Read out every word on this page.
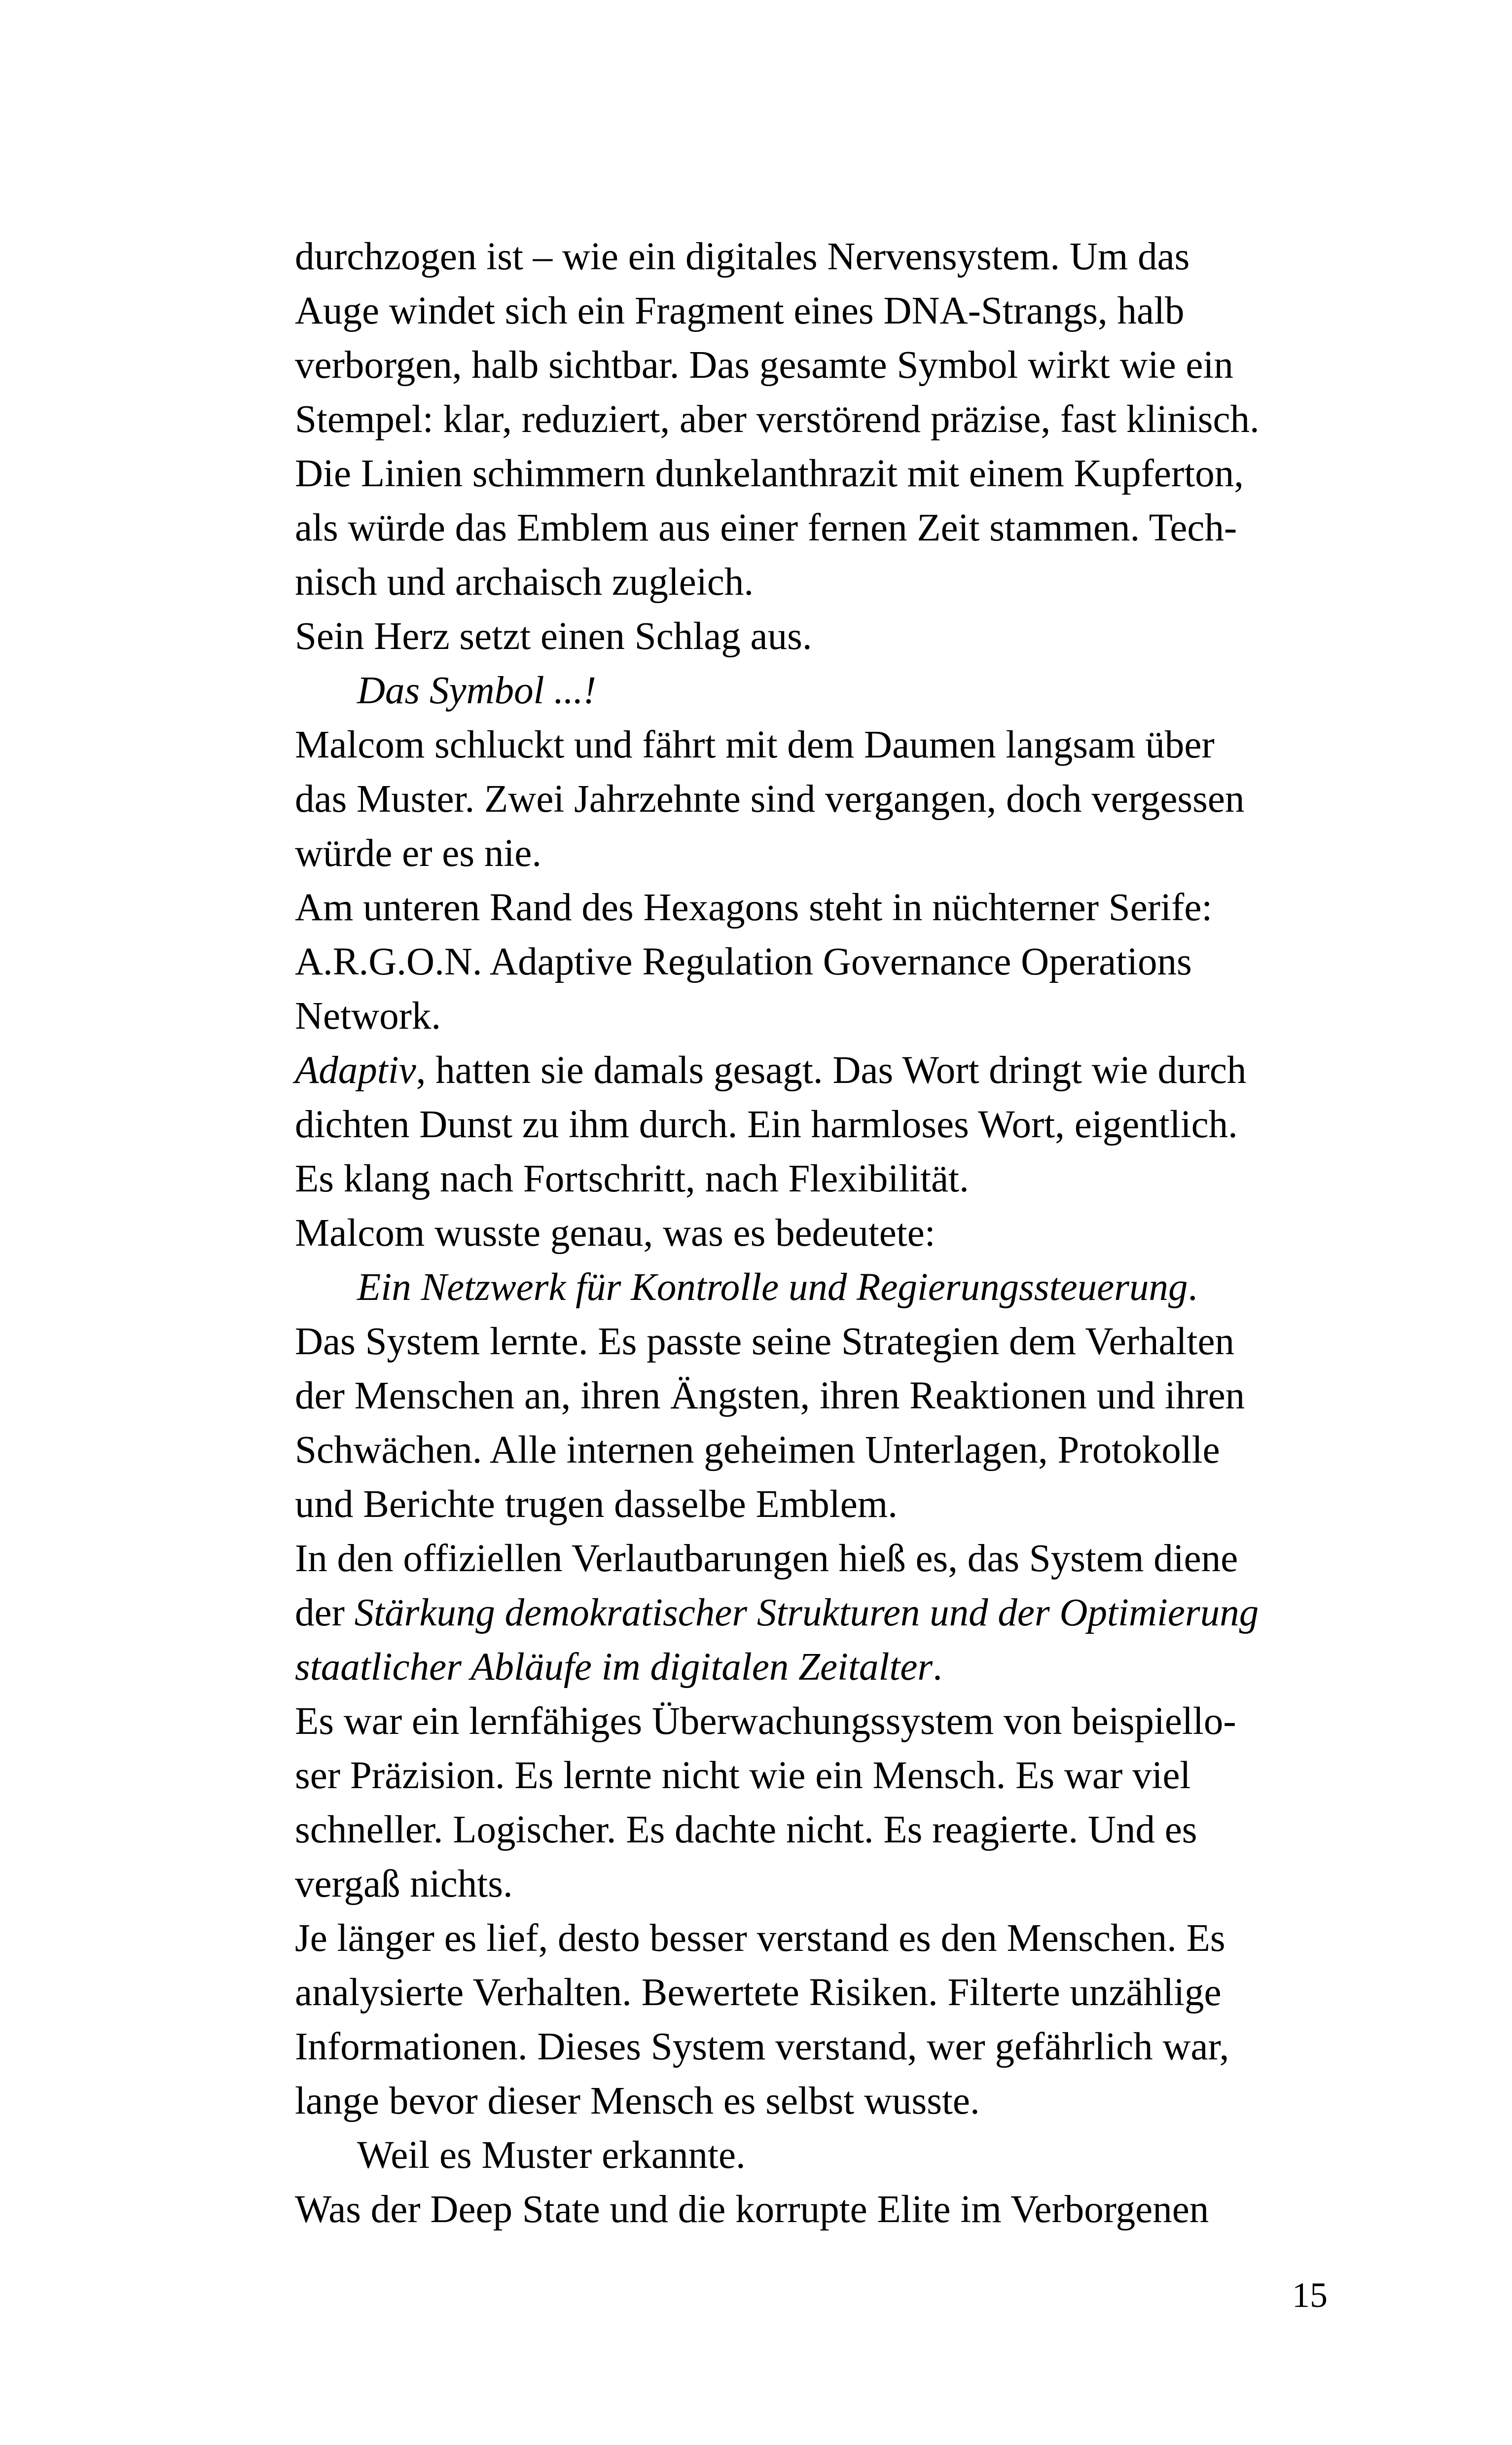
durchzogen ist – wie ein digitales Nervensystem. Um das
Auge windet sich ein Fragment eines DNA-Strangs, halb
verborgen, halb sichtbar. Das gesamte Symbol wirkt wie ein
Stempel: klar, reduziert, aber verstörend präzise, fast klinisch.
Die Linien schimmern dunkelanthrazit mit einem Kupferton,
als würde das Emblem aus einer fernen Zeit stammen. Tech-
nisch und archaisch zugleich.
Sein Herz setzt einen Schlag aus.
Das Symbol ...!
Malcom schluckt und fährt mit dem Daumen langsam über
das Muster. Zwei Jahrzehnte sind vergangen, doch vergessen
würde er es nie.
Am unteren Rand des Hexagons steht in nüchterner Serife:
A.R.G.O.N. Adaptive Regulation Governance Operations
Network.
Adaptiv, hatten sie damals gesagt. Das Wort dringt wie durch
dichten Dunst zu ihm durch. Ein harmloses Wort, eigentlich.
Es klang nach Fortschritt, nach Flexibilität.
Malcom wusste genau, was es bedeutete:
Ein Netzwerk für Kontrolle und Regierungssteuerung.
Das System lernte. Es passte seine Strategien dem Verhalten
der Menschen an, ihren Ängsten, ihren Reaktionen und ihren
Schwächen. Alle internen geheimen Unterlagen, Protokolle
und Berichte trugen dasselbe Emblem.
In den offiziellen Verlautbarungen hieß es, das System diene
der Stärkung demokratischer Strukturen und der Optimierung
staatlicher Abläufe im digitalen Zeitalter.
Es war ein lernfähiges Überwachungssystem von beispiello-
ser Präzision. Es lernte nicht wie ein Mensch. Es war viel
schneller. Logischer. Es dachte nicht. Es reagierte. Und es
vergaß nichts.
Je länger es lief, desto besser verstand es den Menschen. Es
analysierte Verhalten. Bewertete Risiken. Filterte unzählige
Informationen. Dieses System verstand, wer gefährlich war,
lange bevor dieser Mensch es selbst wusste.
Weil es Muster erkannte.
Was der Deep State und die korrupte Elite im Verborgenen
15
